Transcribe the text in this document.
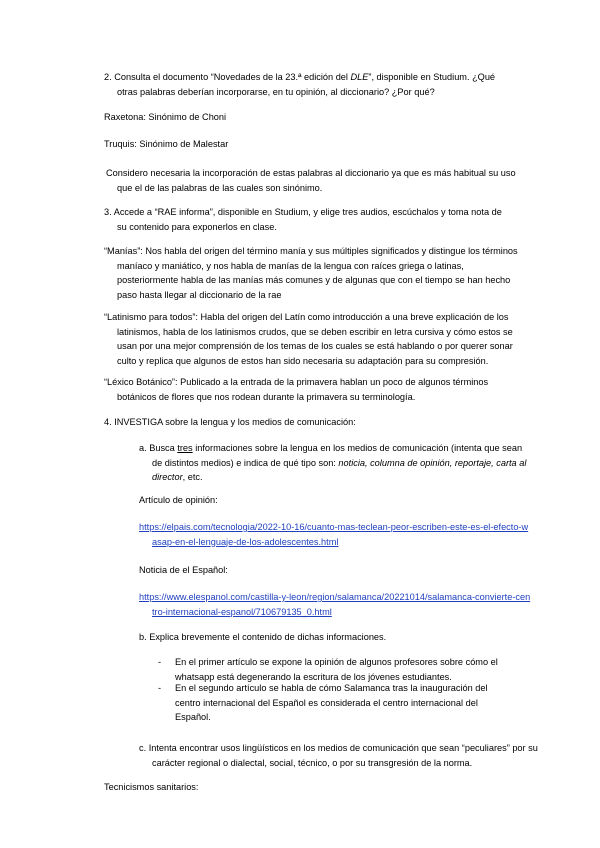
2. Consulta el documento “Novedades de la 23.ª edición del DLE”, disponible en Studium. ¿Qué otras palabras deberían incorporarse, en tu opinión, al diccionario? ¿Por qué?

Raxetona: Sinónimo de Choni

Truquis: Sinónimo de Malestar

Considero necesaria la incorporación de estas palabras al diccionario ya que es más habitual su uso que el de las palabras de las cuales son sinónimo.

3. Accede a “RAE informa”, disponible en Studium, y elige tres audios, escúchalos y toma nota de su contenido para exponerlos en clase.

“Manías”: Nos habla del origen del término manía y sus múltiples significados y distingue los términos maníaco y maniático, y nos habla de manías de la lengua con raíces griega o latinas, posteriormente habla de las manías más comunes y de algunas que con el tiempo se han hecho paso hasta llegar al diccionario de la rae

“Latinismo para todos”: Habla del origen del Latín como introducción a una breve explicación de los latinismos, habla de los latinismos crudos, que se deben escribir en letra cursiva y cómo estos se usan por una mejor comprensión de los temas de los cuales se está hablando o por querer sonar culto y replica que algunos de estos han sido necesaria su adaptación para su compresión.

“Léxico Botánico”: Publicado a la entrada de la primavera hablan un poco de algunos términos botánicos de flores que nos rodean durante la primavera su terminología.

4. INVESTIGA sobre la lengua y los medios de comunicación:

a. Busca tres informaciones sobre la lengua en los medios de comunicación (intenta que sean de distintos medios) e indica de qué tipo son: noticia, columna de opinión, reportaje, carta al director, etc.

Artículo de opinión:

https://elpais.com/tecnologia/2022-10-16/cuanto-mas-teclean-peor-escriben-este-es-el-efecto-wasap-en-el-lenguaje-de-los-adolescentes.html

Noticia de el Español:

https://www.elespanol.com/castilla-y-leon/region/salamanca/20221014/salamanca-convierte-centro-internacional-espanol/710679135_0.html

b. Explica brevemente el contenido de dichas informaciones.

- En el primer artículo se expone la opinión de algunos profesores sobre cómo el whatsapp está degenerando la escritura de los jóvenes estudiantes.
- En el segundo artículo se habla de cómo Salamanca tras la inauguración del centro internacional del Español es considerada el centro internacional del Español.

c. Intenta encontrar usos lingüísticos en los medios de comunicación que sean “peculiares” por su carácter regional o dialectal, social, técnico, o por su transgresión de la norma.

Tecnicismos sanitarios:
